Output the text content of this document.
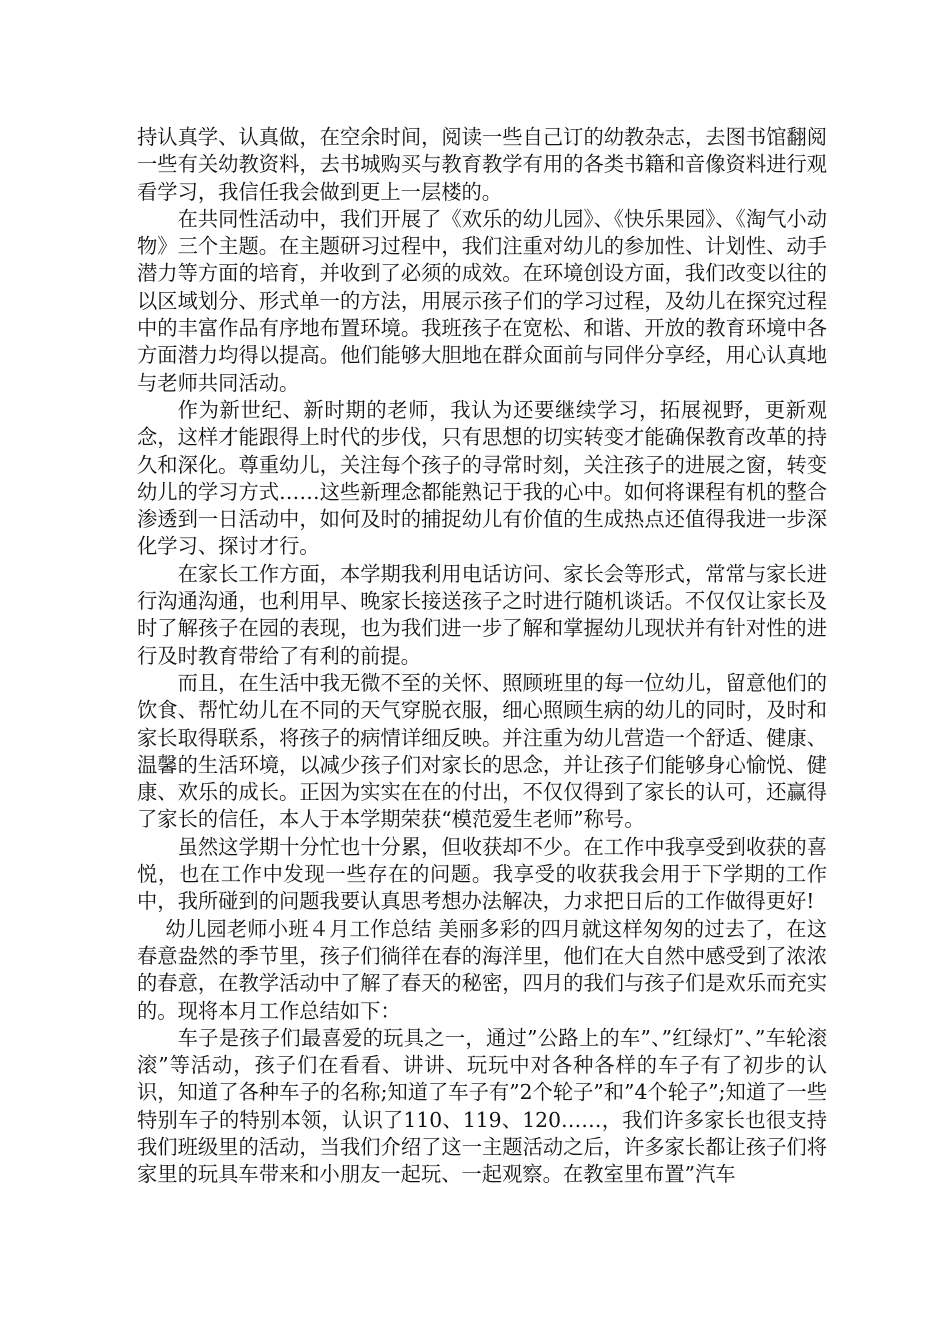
持认真学、认真做，在空余时间，阅读一些自己订的幼教杂志，去图书馆翻阅一些有关幼教资料，去书城购买与教育教学有用的各类书籍和音像资料进行观看学习，我信任我会做到更上一层楼的。

在共同性活动中，我们开展了《欢乐的幼儿园》、《快乐果园》、《淘气小动物》三个主题。在主题研习过程中，我们注重对幼儿的参加性、计划性、动手潜力等方面的培育，并收到了必须的成效。在环境创设方面，我们改变以往的以区域划分、形式单一的方法，用展示孩子们的学习过程，及幼儿在探究过程中的丰富作品有序地布置环境。我班孩子在宽松、和谐、开放的教育环境中各方面潜力均得以提高。他们能够大胆地在群众面前与同伴分享经，用心认真地与老师共同活动。

作为新世纪、新时期的老师，我认为还要继续学习，拓展视野，更新观念，这样才能跟得上时代的步伐，只有思想的切实转变才能确保教育改革的持久和深化。尊重幼儿，关注每个孩子的寻常时刻，关注孩子的进展之窗，转变幼儿的学习方式……这些新理念都能熟记于我的心中。如何将课程有机的整合渗透到一日活动中，如何及时的捕捉幼儿有价值的生成热点还值得我进一步深化学习、探讨才行。

在家长工作方面，本学期我利用电话访问、家长会等形式，常常与家长进行沟通沟通，也利用早、晚家长接送孩子之时进行随机谈话。不仅仅让家长及时了解孩子在园的表现，也为我们进一步了解和掌握幼儿现状并有针对性的进行及时教育带给了有利的前提。

而且，在生活中我无微不至的关怀、照顾班里的每一位幼儿，留意他们的饮食、帮忙幼儿在不同的天气穿脱衣服，细心照顾生病的幼儿的同时，及时和家长取得联系，将孩子的病情详细反映。并注重为幼儿营造一个舒适、健康、温馨的生活环境，以减少孩子们对家长的思念，并让孩子们能够身心愉悦、健康、欢乐的成长。正因为实实在在的付出，不仅仅得到了家长的认可，还赢得了家长的信任，本人于本学期荣获“模范爱生老师”称号。

虽然这学期十分忙也十分累，但收获却不少。在工作中我享受到收获的喜悦，也在工作中发现一些存在的问题。我享受的收获我会用于下学期的工作中，我所碰到的问题我要认真思考想办法解决，力求把日后的工作做得更好!

幼儿园老师小班４月工作总结 美丽多彩的四月就这样匆匆的过去了，在这春意盎然的季节里，孩子们徜徉在春的海洋里，他们在大自然中感受到了浓浓的春意，在教学活动中了解了春天的秘密，四月的我们与孩子们是欢乐而充实的。现将本月工作总结如下：

车子是孩子们最喜爱的玩具之一，通过”公路上的车”、”红绿灯”、”车轮滚滚”等活动，孩子们在看看、讲讲、玩玩中对各种各样的车子有了初步的认识，知道了各种车子的名称;知道了车子有”2个轮子”和”4个轮子”;知道了一些特别车子的特别本领，认识了110、119、120……，我们许多家长也很支持我们班级里的活动，当我们介绍了这一主题活动之后，许多家长都让孩子们将家里的玩具车带来和小朋友一起玩、一起观察。在教室里布置”汽车
